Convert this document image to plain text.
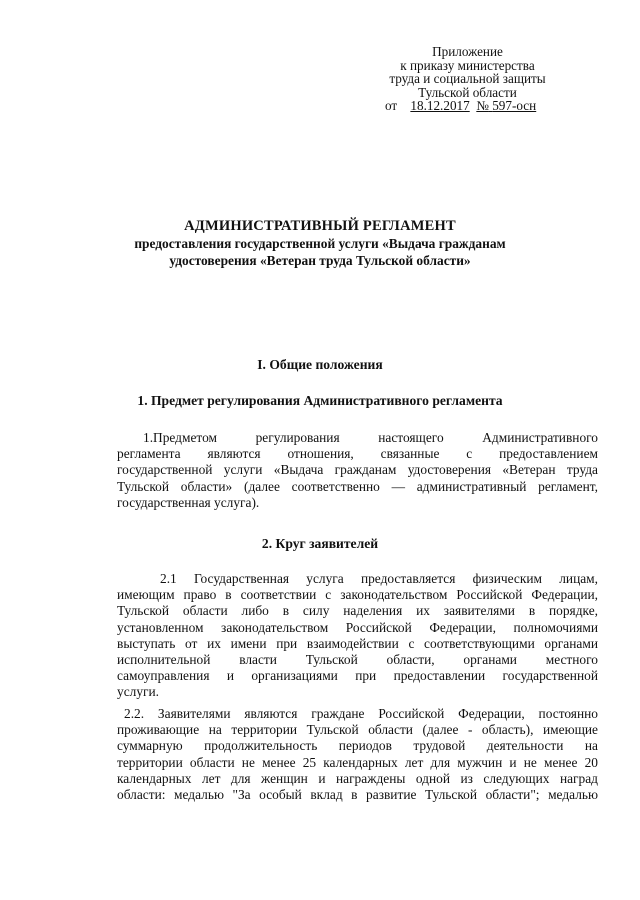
Приложение
к приказу министерства
труда и социальной защиты
Тульской области
от 18.12.2017 № 597-осн
АДМИНИСТРАТИВНЫЙ РЕГЛАМЕНТ
предоставления государственной услуги «Выдача гражданам
удостоверения «Ветеран труда Тульской области»
I. Общие положения
1. Предмет регулирования Административного регламента
1.Предметом регулирования настоящего Административного
регламента являются отношения, связанные с предоставлением
государственной услуги «Выдача гражданам удостоверения «Ветеран труда
Тульской области» (далее соответственно — административный регламент,
государственная услуга).
2. Круг заявителей
2.1 Государственная услуга предоставляется физическим лицам,
имеющим право в соответствии с законодательством Российской Федерации,
Тульской области либо в силу наделения их заявителями в порядке,
установленном законодательством Российской Федерации, полномочиями
выступать от их имени при взаимодействии с соответствующими органами
исполнительной власти Тульской области, органами местного
самоуправления и организациями при предоставлении государственной
услуги.
2.2. Заявителями являются граждане Российской Федерации, постоянно
проживающие на территории Тульской области (далее - область), имеющие
суммарную продолжительность периодов трудовой деятельности на
территории области не менее 25 календарных лет для мужчин и не менее 20
календарных лет для женщин и награждены одной из следующих наград
области: медалью "За особый вклад в развитие Тульской области"; медалью
